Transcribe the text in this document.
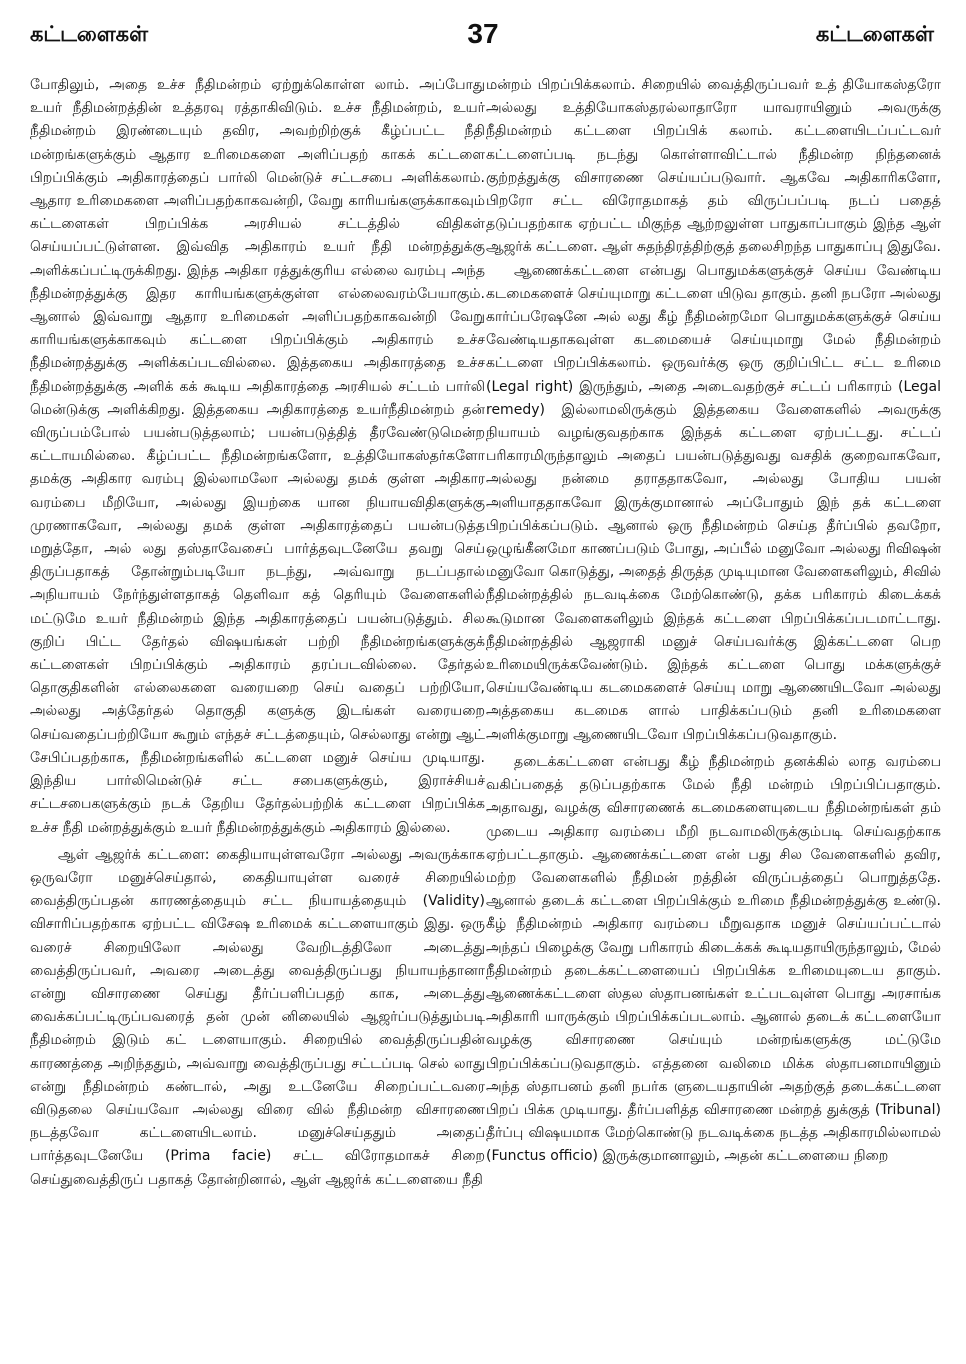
கட்டளைகள்	37	கட்டளைகள்

போதிலும், அதை உச்ச நீதிமன்றம் ஏற்றுக்கொள்ள லாம். அப்போது உயர் நீதிமன்றத்தின் உத்தரவு ரத்தாகிவிடும். உச்ச நீதிமன்றம், உயர் நீதிமன்றம் இரண்டையும் தவிர, அவற்றிற்குக் கீழ்ப்பட்ட நீதி மன்றங்களுக்கும் ஆதார உரிமைகளை அளிப்பதற் காகக் கட்டளை பிறப்பிக்கும் அதிகாரத்தைப் பார்லி மென்டுச் சட்டசபை அளிக்கலாம். ஆதார உரிமைகளை அளிப்பதற்காகவன்றி, வேறு காரியங்களுக்காகவும் கட்டளைகள் பிறப்பிக்க அரசியல் சட்டத்தில் விதிகள் செய்யப்பட்டுள்ளன. இவ்வித அதிகாரம் உயர் நீதி மன்றத்துக்கு அளிக்கப்பட்டிருக்கிறது. இந்த அதிகா ரத்துக்குரிய எல்லை வரம்பு அந்த நீதிமன்றத்துக்கு இதர காரியங்களுக்குள்ள எல்லைவரம்பேயாகும். ஆனால் இவ்வாறு ஆதார உரிமைகள் அளிப்பதற்காகவன்றி வேறு காரியங்களுக்காகவும் கட்டளை பிறப்பிக்கும் அதிகாரம் உச்ச நீதிமன்றத்துக்கு அளிக்கப்படவில்லை. இத்தகைய அதிகாரத்தை உச்ச நீதிமன்றத்துக்கு அளிக் கக் கூடிய அதிகாரத்தை அரசியல் சட்டம் பார்லி மென்டுக்கு அளிக்கிறது. இத்தகைய அதிகாரத்தை உயர்நீதிமன்றம் தன் விருப்பம்போல் பயன்படுத்தலாம்; பயன்படுத்தித் தீரவேண்டுமென்ற கட்டாயமில்லை. கீழ்ப்பட்ட நீதிமன்றங்களோ, உத்தியோகஸ்தர்களோ தமக்கு அதிகார வரம்பு இல்லாமலோ அல்லது தமக் குள்ள அதிகார வரம்பை மீறியோ, அல்லது இயற்கை யான நியாயவிதிகளுக்கு முரணாகவோ, அல்லது தமக் குள்ள அதிகாரத்தைப் பயன்படுத்த மறுத்தோ, அல் லது தஸ்தாவேசைப் பார்த்தவுடனேயே தவறு செய் திருப்பதாகத் தோன்றும்படியோ நடந்து, அவ்வாறு நடப்பதால் அநியாயம் நேர்ந்துள்ளதாகத் தெளிவா கத் தெரியும் வேளைகளில் மட்டுமே உயர் நீதிமன்றம் இந்த அதிகாரத்தைப் பயன்படுத்தும். சில குறிப் பிட்ட தேர்தல் விஷயங்கள் பற்றி நீதிமன்றங்களுக்குக் கட்டளைகள் பிறப்பிக்கும் அதிகாரம் தரப்படவில்லை. தேர்தல் தொகுதிகளின் எல்லைகளை வரையறை செய் வதைப் பற்றியோ, அல்லது அத்தேர்தல் தொகுதி களுக்கு இடங்கள் வரையறை செய்வதைப்பற்றியோ கூறும் எந்தச் சட்டத்தையும், செல்லாது என்று ஆட் சேபிப்பதற்காக, நீதிமன்றங்களில் கட்டளை மனுச் செய்ய முடியாது. இந்திய பார்லிமென்டுச் சட்ட சபைகளுக்கும், இராச்சியச் சட்டசபைகளுக்கும் நடக் தேறிய தேர்தல்பற்றிக் கட்டளை பிறப்பிக்க உச்ச நீதி மன்றத்துக்கும் உயர் நீதிமன்றத்துக்கும் அதிகாரம் இல்லை.

ஆள் ஆஜர்க் கட்டளை: கைதியாயுள்ளவரோ அல்லது அவருக்காக ஒருவரோ மனுச்செய்தால், கைதியாயுள்ள வரைச் சிறையில் வைத்திருப்பதன் காரணத்தையும் சட்ட நியாயத்தையும் (Validity) விசாரிப்பதற்காக ஏற்பட்ட விசேஷ உரிமைக் கட்டளையாகும் இது. ஒரு வரைச் சிறையிலோ அல்லது வேறிடத்திலோ அடைத்து வைத்திருப்பவர், அவரை அடைத்து வைத்திருப்பது நியாயந்தானா என்று விசாரணை செய்து தீர்ப்பளிப்பதற் காக, அடைத்து வைக்கப்பட்டிருப்பவரைத் தன் முன் னிலையில் ஆஜர்ப்படுத்தும்படி நீதிமன்றம் இடும் கட் டளையாகும். சிறையில் வைத்திருப்பதின் காரணத்தை அறிந்ததும், அவ்வாறு வைத்திருப்பது சட்டப்படி செல் லாது என்று நீதிமன்றம் கண்டால், அது உடனேயே சிறைப்பட்டவரை விடுதலை செய்யவோ அல்லது விரை வில் நீதிமன்ற விசாரணை நடத்தவோ கட்டளையிடலாம். மனுச்செய்ததும் அதைப் பார்த்தவுடனேயே (Prima facie) சட்ட விரோதமாகச் சிறை செய்துவைத்திருப் பதாகத் தோன்றினால், ஆள் ஆஜர்க் கட்டளையை நீதி

மன்றம் பிறப்பிக்கலாம். சிறையில் வைத்திருப்பவர் உத் தியோகஸ்தரோ அல்லது உத்தியோகஸ்தரல்லாதாரோ யாவராயினும் அவருக்கு நீதிமன்றம் கட்டளை பிறப்பிக் கலாம். கட்டளையிடப்பட்டவர் கட்டளைப்படி நடந்து கொள்ளாவிட்டால் நீதிமன்ற நிந்தனைக் குற்றத்துக்கு விசாரணை செய்யப்படுவார். ஆகவே அதிகாரிகளோ, பிறரோ சட்ட விரோதமாகத் தம் விருப்பப்படி நடப் பதைத் தடுப்பதற்காக ஏற்பட்ட மிகுந்த ஆற்றலுள்ள பாதுகாப்பாகும் இந்த ஆள் ஆஜர்க் கட்டளை. ஆள் சுதந்திரத்திற்குத் தலைசிறந்த பாதுகாப்பு இதுவே.

ஆணைக்கட்டளை என்பது பொதுமக்களுக்குச் செய்ய வேண்டிய கடமைகளைச் செய்யுமாறு கட்டளை யிடுவ தாகும். தனி நபரோ அல்லது கார்ப்பரேஷனே அல் லது கீழ் நீதிமன்றமோ பொதுமக்களுக்குச் செய்ய வேண்டியதாகவுள்ள கடமையைச் செய்யுமாறு மேல் நீதிமன்றம் கட்டளை பிறப்பிக்கலாம். ஒருவர்க்கு ஒரு குறிப்பிட்ட சட்ட உரிமை (Legal right) இருந்தும், அதை அடைவதற்குச் சட்டப் பரிகாரம் (Legal remedy) இல்லாமலிருக்கும் இத்தகைய வேளைகளில் அவருக்கு நியாயம் வழங்குவதற்காக இந்தக் கட்டளை ஏற்பட்டது. சட்டப் பரிகாரமிருந்தாலும் அதைப் பயன்படுத்துவது வசதிக் குறைவாகவோ, அல்லது நன்மை தராததாகவோ, அல்லது போதிய பயன் அளியாததாகவோ இருக்குமானால் அப்போதும் இந் தக் கட்டளை பிறப்பிக்கப்படும். ஆனால் ஒரு நீதிமன்றம் செய்த தீர்ப்பில் தவறோ, ஒழுங்கீனமோ காணப்படும் போது, அப்பீல் மனுவோ அல்லது ரிவிஷன் மனுவோ கொடுத்து, அதைத் திருத்த முடியுமான வேளைகளிலும், சிவில் நீதிமன்றத்தில் நடவடிக்கை மேற்கொண்டு, தக்க பரிகாரம் கிடைக்கக் கூடுமான வேளைகளிலும் இந்தக் கட்டளை பிறப்பிக்கப்படமாட்டாது. நீதிமன்றத்தில் ஆஜராகி மனுச் செய்பவர்க்கு இக்கட்டளை பெற உரிமையிருக்கவேண்டும். இந்தக் கட்டளை பொது மக்களுக்குச் செய்யவேண்டிய கடமைகளைச் செய்யு மாறு ஆணையிடவோ அல்லது அத்தகைய கடமைக ளால் பாதிக்கப்படும் தனி உரிமைகளை அளிக்குமாறு ஆணையிடவோ பிறப்பிக்கப்படுவதாகும்.

தடைக்கட்டளை என்பது கீழ் நீதிமன்றம் தனக்கில் லாத வரம்பை வகிப்பதைத் தடுப்பதற்காக மேல் நீதி மன்றம் பிறப்பிப்பதாகும். அதாவது, வழக்கு விசாரணைக் கடமைகளையுடைய நீதிமன்றங்கள் தம் முடைய அதிகார வரம்பை மீறி நடவாமலிருக்கும்படி செய்வதற்காக ஏற்பட்டதாகும். ஆணைக்கட்டளை என் பது சில வேளைகளில் தவிர, மற்ற வேளைகளில் நீதிமன் றத்தின் விருப்பத்தைப் பொறுத்ததே. ஆனால் தடைக் கட்டளை பிறப்பிக்கும் உரிமை நீதிமன்றத்துக்கு உண்டு. கீழ் நீதிமன்றம் அதிகார வரம்பை மீறுவதாக மனுச் செய்யப்பட்டால் அந்தப் பிழைக்கு வேறு பரிகாரம் கிடைக்கக் கூடியதாயிருந்தாலும், மேல் நீதிமன்றம் தடைக்கட்டளையைப் பிறப்பிக்க உரிமையுடைய தாகும். ஆணைக்கட்டளை ஸ்தல ஸ்தாபனங்கள் உட்படவுள்ள பொது அரசாங்க அதிகாரி யாருக்கும் பிறப்பிக்கப்படலாம். ஆனால் தடைக் கட்டளையோ வழக்கு விசாரணை செய்யும் மன்றங்களுக்கு மட்டுமே பிறப்பிக்கப்படுவதாகும். எத்தனை வலிமை மிக்க ஸ்தாபனமாயினும் அந்த ஸ்தாபனம் தனி நபர்க ளுடையதாயின் அதற்குத் தடைக்கட்டளை பிறப் பிக்க முடியாது. தீர்ப்பளித்த விசாரணை மன்றத் துக்குத் (Tribunal) தீர்ப்பு விஷயமாக மேற்கொண்டு நடவடிக்கை நடத்த அதிகாரமில்லாமல் (Functus officio) இருக்குமானாலும், அதன் கட்டளையை நிறை
